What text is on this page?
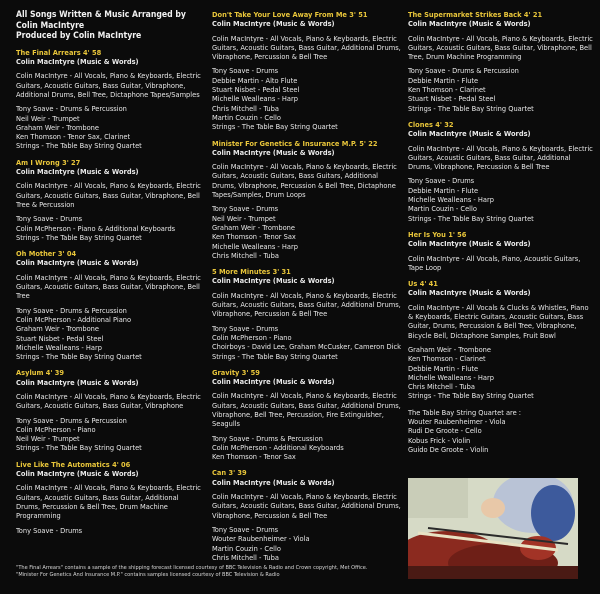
All Songs Written & Music Arranged by
Colin MacIntyre
Produced by Colin MacIntyre
The Final Arrears 4' 58
Colin MacIntyre (Music & Words)
Colin MacIntyre - All Vocals, Piano & Keyboards, Electric Guitars, Acoustic Guitars, Bass Guitar, Vibraphone, Additional Drums, Bell Tree, Dictaphone Tapes/Samples
Tony Soave - Drums & Percussion
Neil Weir - Trumpet
Graham Weir - Trombone
Ken Thomson - Tenor Sax, Clarinet
Strings - The Table Bay String Quartet
Am I Wrong 3' 27
Colin MacIntyre (Music & Words)
Colin MacIntyre - All Vocals, Piano & Keyboards, Electric Guitars, Acoustic Guitars, Bass Guitar, Vibraphone, Bell Tree & Percussion
Tony Soave - Drums
Colin McPherson - Piano & Additional Keyboards
Strings - The Table Bay String Quartet
Oh Mother 3' 04
Colin MacIntyre (Music & Words)
Colin MacIntyre - All Vocals, Piano & Keyboards, Electric Guitars, Acoustic Guitars, Bass Guitar, Vibraphone, Bell Tree
Tony Soave - Drums & Percussion
Colin McPherson - Additional Piano
Graham Weir - Trombone
Stuart Nisbet - Pedal Steel
Michelle Wealleans - Harp
Strings - The Table Bay String Quartet
Asylum 4' 39
Colin MacIntyre (Music & Words)
Colin MacIntyre - All Vocals, Piano & Keyboards, Electric Guitars, Acoustic Guitars, Bass Guitar, Vibraphone
Tony Soave - Drums & Percussion
Colin McPherson - Piano
Neil Weir - Trumpet
Strings - The Table Bay String Quartet
Live Like The Automatics 4' 06
Colin MacIntyre (Music & Words)
Colin MacIntyre - All Vocals, Piano & Keyboards, Electric Guitars, Acoustic Guitars, Bass Guitar, Additional Drums, Percussion & Bell Tree, Drum Machine Programming
Tony Soave - Drums
Don't Take Your Love Away From Me 3' 51
Colin MacIntyre (Music & Words)
Colin MacIntyre - All Vocals, Piano & Keyboards, Electric Guitars, Acoustic Guitars, Bass Guitar, Additional Drums, Vibraphone, Percussion & Bell Tree
Tony Soave - Drums
Debbie Martin - Alto Flute
Stuart Nisbet - Pedal Steel
Michelle Wealleans - Harp
Chris Mitchell - Tuba
Martin Couzin - Cello
Strings - The Table Bay String Quartet
Minister For Genetics & Insurance M.P. 5' 22
Colin MacIntyre (Music & Words)
Colin MacIntyre - All Vocals, Piano & Keyboards, Electric Guitars, Acoustic Guitars, Bass Guitars, Additional Drums, Vibraphone, Percussion & Bell Tree, Dictaphone Tapes/Samples, Drum Loops
Tony Soave - Drums
Neil Weir - Trumpet
Graham Weir - Trombone
Ken Thomson - Tenor Sax
Michelle Wealleans - Harp
Chris Mitchell - Tuba
5 More Minutes 3' 31
Colin MacIntyre (Music & Words)
Colin MacIntyre - All Vocals, Piano & Keyboards, Electric Guitars, Acoustic Guitars, Bass Guitar, Additional Drums, Vibraphone, Percussion & Bell Tree
Tony Soave - Drums
Colin McPherson - Piano
Choirboys - David Lee, Graham McCusker, Cameron Dick
Strings - The Table Bay String Quartet
Gravity 3' 59
Colin MacIntyre (Music & Words)
Colin MacIntyre - All Vocals, Piano & Keyboards, Electric Guitars, Acoustic Guitars, Bass Guitar, Additional Drums, Vibraphone, Bell Tree, Percussion, Fire Extinguisher, Seagulls
Tony Soave - Drums & Percussion
Colin McPherson - Additional Keyboards
Ken Thomson - Tenor Sax
Can 3' 39
Colin MacIntyre (Music & Words)
Colin MacIntyre - All Vocals, Piano & Keyboards, Electric Guitars, Acoustic Guitars, Bass Guitar, Additional Drums, Vibraphone, Percussion & Bell Tree
Tony Soave - Drums
Wouter Raubenheimer - Viola
Martin Couzin - Cello
Chris Mitchell - Tuba
The Supermarket Strikes Back 4' 21
Colin MacIntyre (Music & Words)
Colin MacIntyre - All Vocals, Piano & Keyboards, Electric Guitars, Acoustic Guitars, Bass Guitar, Vibraphone, Bell Tree, Drum Machine Programming
Tony Soave - Drums & Percussion
Debbie Martin - Flute
Ken Thomson - Clarinet
Stuart Nisbet - Pedal Steel
Strings - The Table Bay String Quartet
Clones 4' 32
Colin MacIntyre (Music & Words)
Colin MacIntyre - All Vocals, Piano & Keyboards, Electric Guitars, Acoustic Guitars, Bass Guitar, Additional Drums, Vibraphone, Percussion & Bell Tree
Tony Soave - Drums
Debbie Martin - Flute
Michelle Wealleans - Harp
Martin Couzin - Cello
Strings - The Table Bay String Quartet
Her Is You 1' 56
Colin MacIntyre (Music & Words)
Colin MacIntyre - All Vocals, Piano, Acoustic Guitars, Tape Loop
Us 4' 41
Colin MacIntyre (Music & Words)
Colin MacIntyre - All Vocals & Clucks & Whistles, Piano & Keyboards, Electric Guitars, Acoustic Guitars, Bass Guitar, Drums, Percussion & Bell Tree, Vibraphone, Bicycle Bell, Dictaphone Samples, Fruit Bowl
Graham Weir - Trombone
Ken Thomson - Clarinet
Debbie Martin - Flute
Michelle Wealleans - Harp
Chris Mitchell - Tuba
Strings - The Table Bay String Quartet
The Table Bay String Quartet are :
Wouter Raubenheimer - Viola
Rudi De Groote - Cello
Kobus Frick - Violin
Guido De Groote - Violin
"The Final Arrears" contains a sample of the shipping forecast licensed courtesy of BBC Television & Radio and Crown copyright, Met Office.
"Minister For Genetics And Insurance M.P." contains samples licensed courtesy of BBC Television & Radio
